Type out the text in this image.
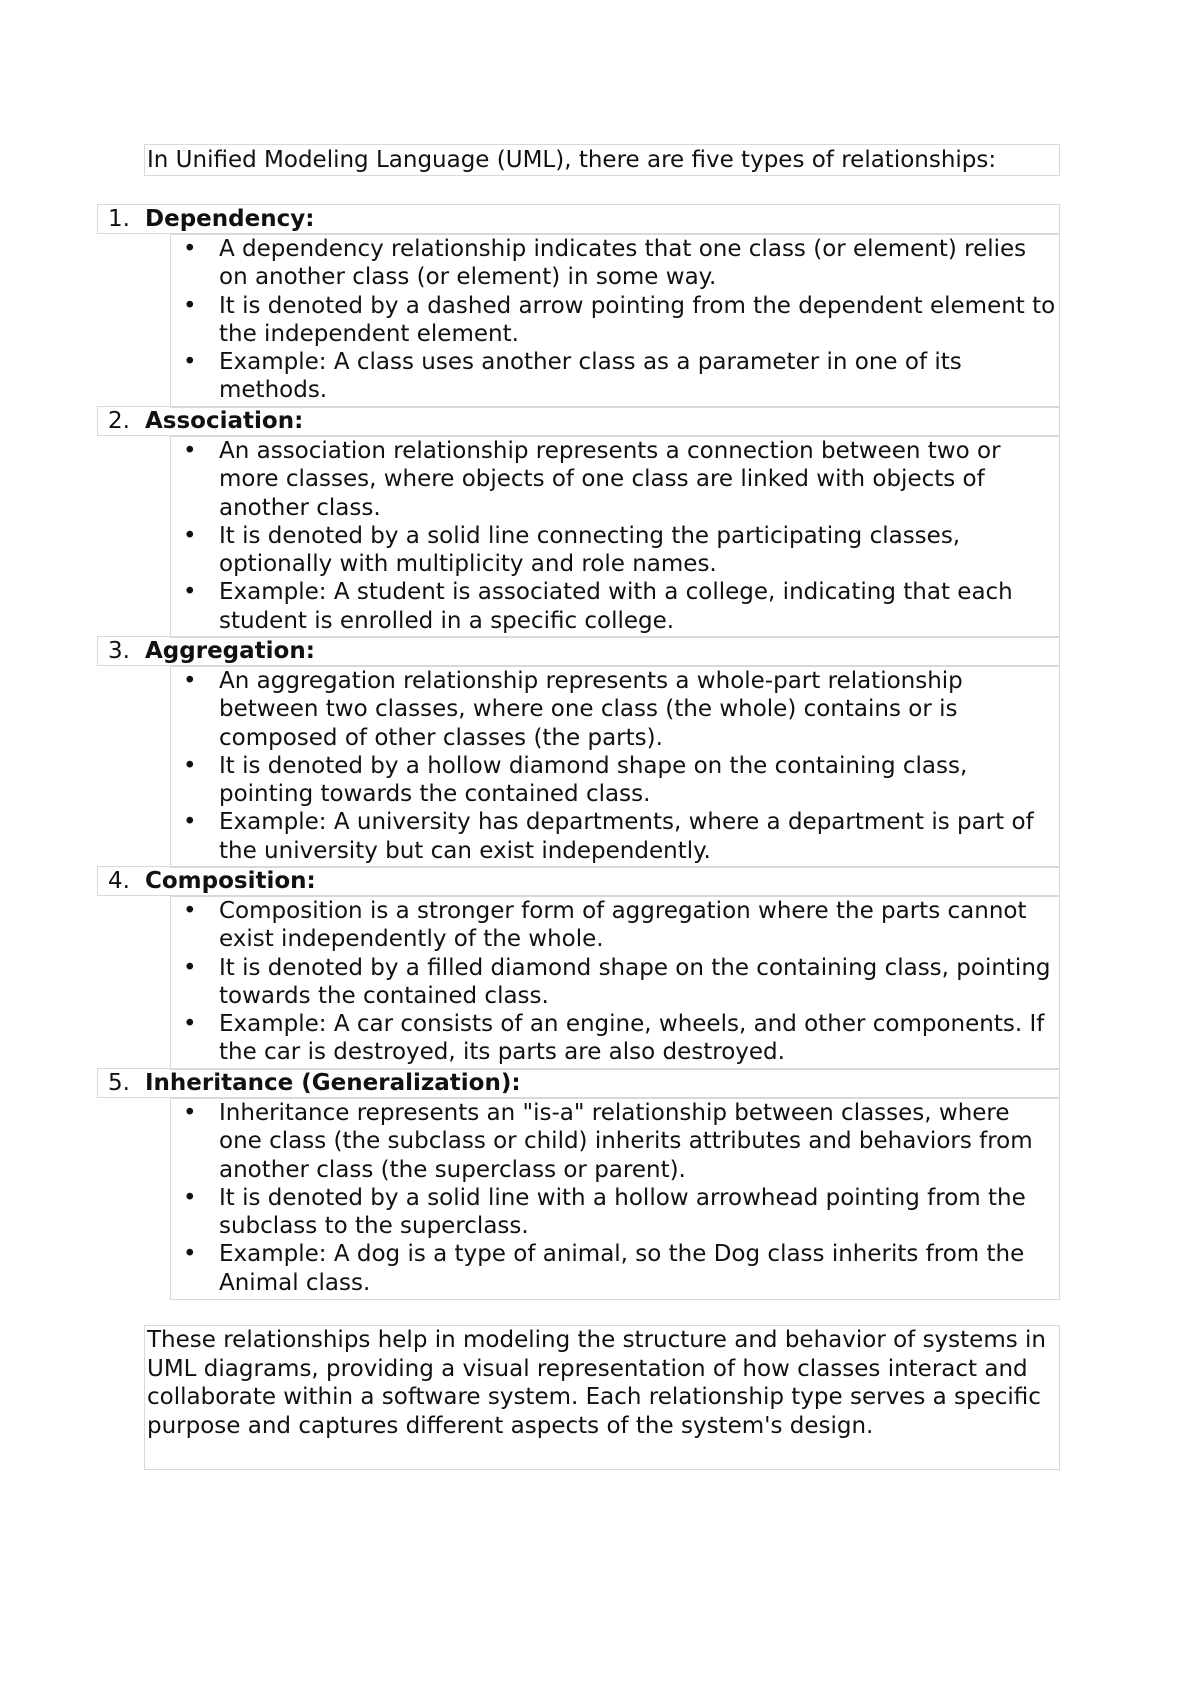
In Unified Modeling Language (UML), there are five types of relationships:
1. Dependency:
• A dependency relationship indicates that one class (or element) relies on another class (or element) in some way.
• It is denoted by a dashed arrow pointing from the dependent element to the independent element.
• Example: A class uses another class as a parameter in one of its methods.
2. Association:
• An association relationship represents a connection between two or more classes, where objects of one class are linked with objects of another class.
• It is denoted by a solid line connecting the participating classes, optionally with multiplicity and role names.
• Example: A student is associated with a college, indicating that each student is enrolled in a specific college.
3. Aggregation:
• An aggregation relationship represents a whole-part relationship between two classes, where one class (the whole) contains or is composed of other classes (the parts).
• It is denoted by a hollow diamond shape on the containing class, pointing towards the contained class.
• Example: A university has departments, where a department is part of the university but can exist independently.
4. Composition:
• Composition is a stronger form of aggregation where the parts cannot exist independently of the whole.
• It is denoted by a filled diamond shape on the containing class, pointing towards the contained class.
• Example: A car consists of an engine, wheels, and other components. If the car is destroyed, its parts are also destroyed.
5. Inheritance (Generalization):
• Inheritance represents an "is-a" relationship between classes, where one class (the subclass or child) inherits attributes and behaviors from another class (the superclass or parent).
• It is denoted by a solid line with a hollow arrowhead pointing from the subclass to the superclass.
• Example: A dog is a type of animal, so the Dog class inherits from the Animal class.
These relationships help in modeling the structure and behavior of systems in UML diagrams, providing a visual representation of how classes interact and collaborate within a software system. Each relationship type serves a specific purpose and captures different aspects of the system's design.
